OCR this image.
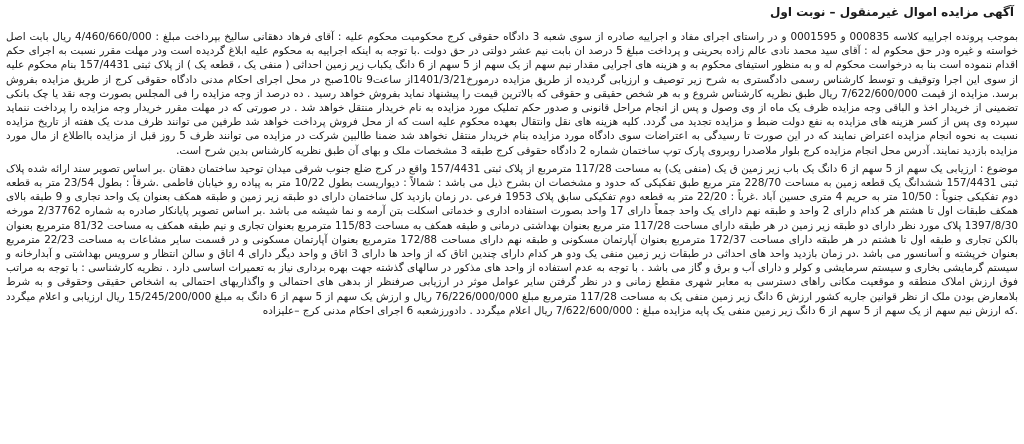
آگهی مزایده اموال غیرمنقول – نوبت اول

بموجب پرونده اجراییه کلاسه 000835 و 0001595 و در راستای اجرای مفاد و اجراییه صادره از سوی شعبه 3 دادگاه حقوقی کرج محکومیت محکوم علیه : آقای فرهاد دهقانی سالیخ بپرداخت مبلغ : 4/460/660/000 ریال بابت اصل خواسته و غیره ودر حق محکوم له : آقای سید محمد نادی عالم زاده بحرینی و پرداخت مبلغ 5 درصد ان بابت نیم عشر دولتی در حق دولت .با توجه به اینکه اجراییه به محکوم علیه ابلاغ گردیده است ودر مهلت مقرر نسبت به اجرای حکم اقدام ننموده است بنا به درخواست محکوم له و به منظور استیفای محکوم به و هزینه های اجرایی مقدار نیم سهم از یک سهم از 5 سهم از 6 دانگ یکباب زیر زمین احداثی ( منفی یک ، قطعه یک ) از پلاک ثبتی 157/4431 بنام محکوم علیه از سوی این اجرا وتوقیف و توسط کارشناس رسمی دادگستری به شرح زیر توصیف و ارزیابی گردیده از طریق مزایده درمورخ1401/3/21از ساعت9 تا10صبح در محل اجرای احکام مدنی دادگاه حقوقی کرج از طریق مزایده بفروش برسد. مزایده از قیمت 7/622/600/000 ریال طبق نظریه کارشناس شروع و به هر شخص حقیقی و حقوقی که بالاترین قیمت را پیشنهاد نماید بفروش خواهد رسید . ده درصد از وجه مزایده را فی المجلس بصورت وجه نقد یا چک بانکی تضمینی از خریدار اخذ و الباقی وجه مزایده ظرف یک ماه از وی وصول و پس از انجام مراحل قانونی و صدور حکم تملیک مورد مزایده به نام خریدار منتقل خواهد شد . در صورتی که در مهلت مقرر خریدار وجه مزایده را پرداخت ننماید سپرده وی پس از کسر هزینه های مزایده به نفع دولت ضبط و مزایده تجدید می گردد. کلیه هزینه های نقل وانتقال بعهده محکوم علیه است که از محل فروش پرداخت خواهد شد طرفین می توانند ظرف مدت یک هفته از تاریخ مزایده نسبت به نحوه انجام مزایده اعتراض نمایند که در این صورت تا رسیدگی به اعتراضات سوی دادگاه مورد مزایده بنام خریدار منتقل نخواهد شد ضمنا طالبین شرکت در مزایده می توانند ظرف 5 روز قبل از مزایده بااطلاع از مال مورد مزایده بازدید نمایند. آدرس محل انجام مزایده کرج بلوار ملاصدرا روبروی پارک توپ ساختمان شماره 2 دادگاه حقوقی کرج طبقه 3 مشخصات ملک و بهای آن طبق نظریه کارشناس بدین شرح است.

موضوع : ارزیابی یک سهم از 5 سهم از 6 دانگ یک باب زیر زمین ق یک (منفی یک) به مساحت 117/28 مترمربع از پلاک ثبتی 157/4431 واقع در کرج ضلع جنوب شرقی میدان توحید ساختمان دهقان .بر اساس تصویر سند ارائه شده پلاک ثبتی 157/4431 ششدانگ یک قطعه زمین به مساحت 228/70 متر مربع طبق تفکیکی که حدود و مشخصات ان بشرح ذیل می باشد : شمالاً : دیواریست بطول 10/22 متر به پیاده رو خیابان فاطمی .شرقاً : بطول 23/54 متر به قطعه دوم تفکیکی جنوباً : 10/50 متر به حریم 4 متری حسین آباد .غرباً : 22/20 متر به قطعه دوم تفکیکی سابق پلاک 1953 فرعی .در زمان بازدید کل ساختمان دارای دو طبقه زیر زمین و طبقه همکف بعنوان یک واحد تجاری و 9 طبقه بالای همکف طبقات اول تا هشتم هر کدام دارای 2 واحد و طبقه نهم دارای یک واحد جمعاً دارای 17 واحد بصورت استفاده اداری و خدماتی اسکلت بتن آرمه و نما شیشه می باشد .بر اساس تصویر پایانکار صادره به شماره 2/37762 مورخه 1397/8/30 پلاک مورد نظر دارای دو طبقه زیر زمین در هر طبقه دارای مساحت 117/28 متر مربع بعنوان بهداشتی درمانی و طبقه همکف به مساحت 115/83 مترمربع بعنوان تجاری و نیم طبقه همکف به مساحت 81/32 مترمربع بعنوان بالکن تجاری و طبقه اول تا هشتم در هر طبقه دارای مساحت 172/37 مترمربع بعنوان آپارتمان مسکونی و طبقه نهم دارای مساحت 172/88 مترمربع بعنوان آپارتمان مسکونی و در قسمت سایر مشاعات به مساحت 22/23 مترمربع بعنوان خرپشته و آسانسور می باشد .در زمان بازدید واحد های احداثی در طبقات زیر زمین منفی یک ودو هر کدام دارای چندین اتاق که از واحد ها دارای 3 اتاق و واحد دیگر دارای 4 اتاق و سالن انتظار و سرویس بهداشتی و آبدارخانه و سیستم گرمایشی بخاری و سیستم سرمایشی و کولر و دارای آب و برق و گاز می باشد . با توجه به عدم استفاده از واحد های مذکور در سالهای گذشته جهت بهره برداری نیاز به تعمیرات اساسی دارد . نظریه کارشناسی : با توجه به مراتب فوق ارزش املاک منطقه و موقعیت مکانی راهای دسترسی به معابر شهری مقطع زمانی و در نظر گرفتن سایر عوامل موثر در ارزیابی صرفنظر از بدهی های احتمالی و واگذاریهای احتمالی به اشخاص حقیقی وحقوقی و به شرط بلامعارض بودن ملک از نظر قوانین جاریه کشور ارزش 6 دانگ زیر زمین منفی یک به مساحت 117/28 مترمربع مبلغ 76/226/000/000 ریال و ارزش یک سهم از 5 سهم از 6 دانگ به مبلغ 15/245/200/000 ریال ارزیابی و اعلام میگردد .که ارزش نیم سهم از یک سهم از 5 سهم از 6 دانگ زیر زمین منفی یک پایه مزایده مبلغ : 7/622/600/000 ریال اعلام میگردد . دادورزشعبه 6 اجرای احکام مدنی کرج –علیزاده
